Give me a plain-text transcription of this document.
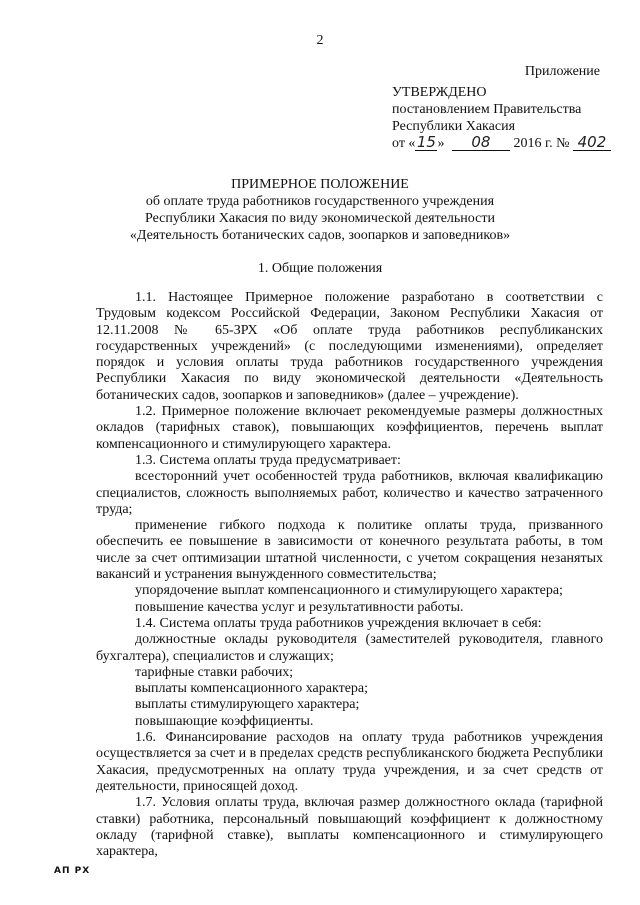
2
Приложение
УТВЕРЖДЕНО
постановлением Правительства
Республики Хакасия
от «15» 08 2016 г. № 402
ПРИМЕРНОЕ ПОЛОЖЕНИЕ
об оплате труда работников государственного учреждения
Республики Хакасия по виду экономической деятельности
«Деятельность ботанических садов, зоопарков и заповедников»
1. Общие положения

1.1. Настоящее Примерное положение разработано в соответствии с Трудовым кодексом Российской Федерации, Законом Республики Хакасия от 12.11.2008 № 65-ЗРХ «Об оплате труда работников республиканских государственных учреждений» (с последующими изменениями), определяет порядок и условия оплаты труда работников государственного учреждения Республики Хакасия по виду экономической деятельности «Деятельность ботанических садов, зоопарков и заповедников» (далее – учреждение).

1.2. Примерное положение включает рекомендуемые размеры должностных окладов (тарифных ставок), повышающих коэффициентов, перечень выплат компенсационного и стимулирующего характера.

1.3. Система оплаты труда предусматривает:

всесторонний учет особенностей труда работников, включая квалификацию специалистов, сложность выполняемых работ, количество и качество затраченного труда;

применение гибкого подхода к политике оплаты труда, призванного обеспечить ее повышение в зависимости от конечного результата работы, в том числе за счет оптимизации штатной численности, с учетом сокращения незанятых вакансий и устранения вынужденного совместительства;

упорядочение выплат компенсационного и стимулирующего характера;

повышение качества услуг и результативности работы.

1.4. Система оплаты труда работников учреждения включает в себя:

должностные оклады руководителя (заместителей руководителя, главного бухгалтера), специалистов и служащих;

тарифные ставки рабочих;

выплаты компенсационного характера;

выплаты стимулирующего характера;

повышающие коэффициенты.

1.6. Финансирование расходов на оплату труда работников учреждения осуществляется за счет и в пределах средств республиканского бюджета Республики Хакасия, предусмотренных на оплату труда учреждения, и за счет средств от деятельности, приносящей доход.

1.7. Условия оплаты труда, включая размер должностного оклада (тарифной ставки) работника, персональный повышающий коэффициент к должностному окладу (тарифной ставке), выплаты компенсационного и стимулирующего характера,

АП РХ
